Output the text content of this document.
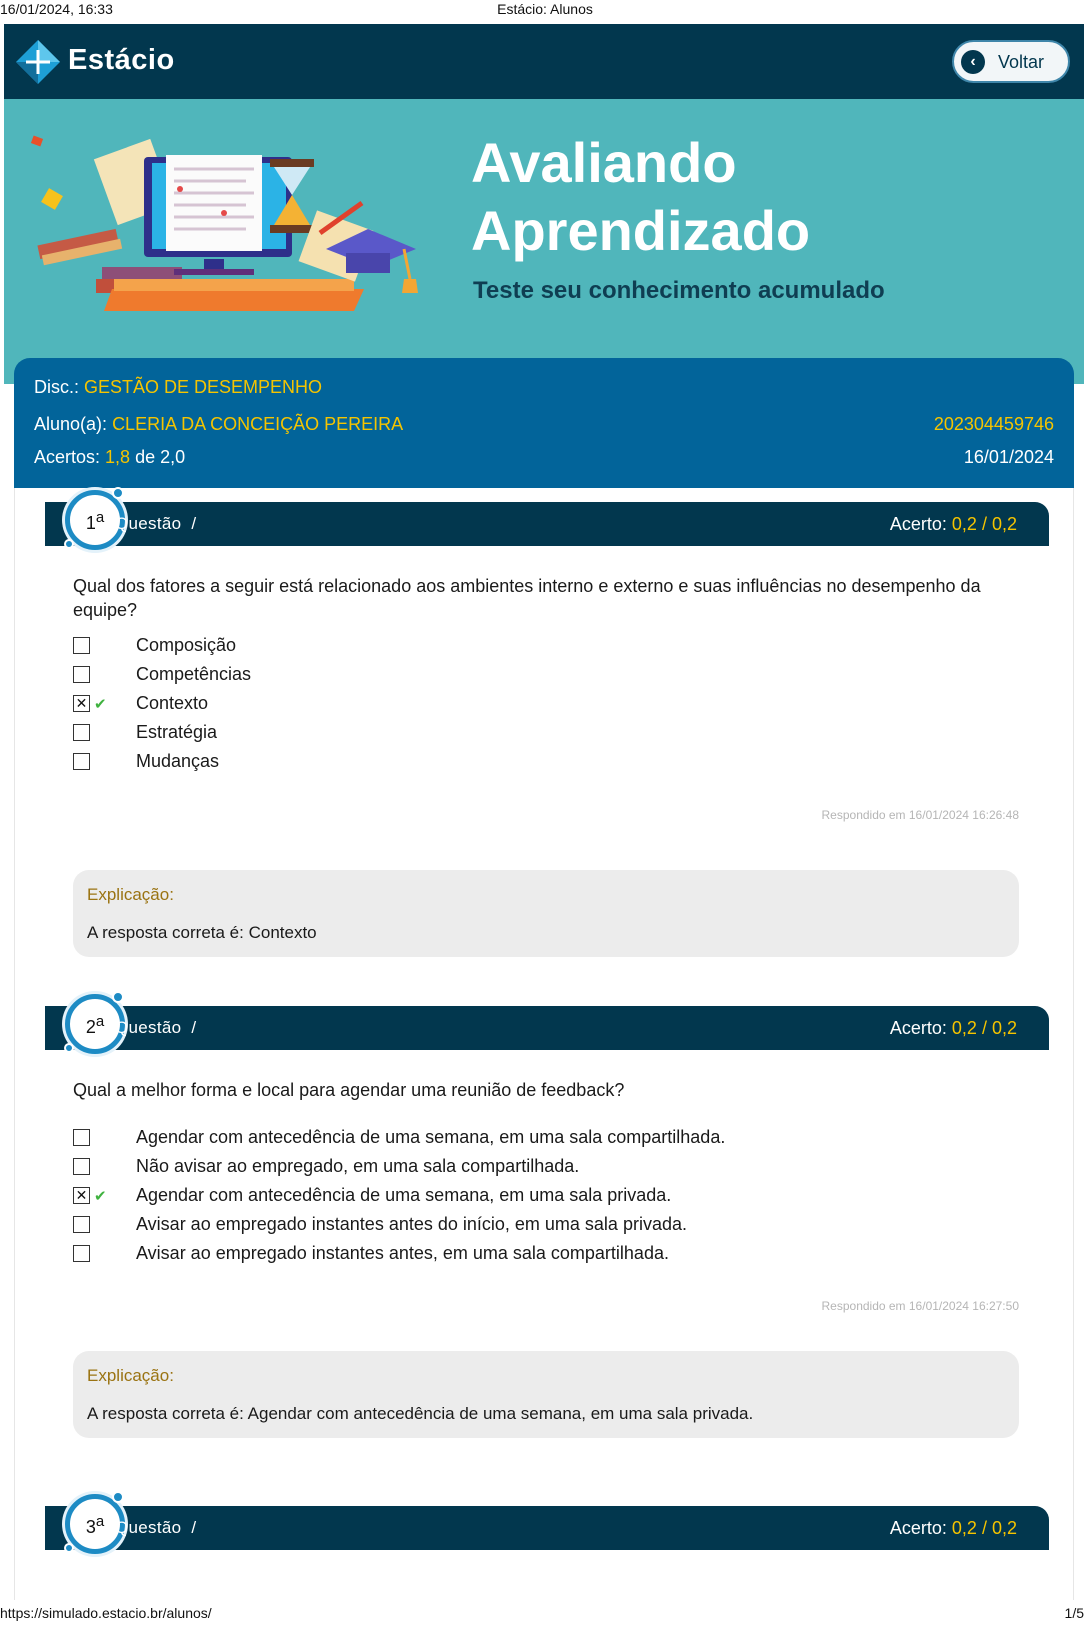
16/01/2024, 16:33	Estácio: Alunos
Estácio	‹	Voltar
Avaliando
Aprendizado
Teste seu conhecimento acumulado
Disc.: GESTÃO DE DESEMPENHO
Aluno(a): CLERIA DA CONCEIÇÃO PEREIRA	202304459746
Acertos: 1,8 de 2,0	16/01/2024
1$^a$ Questão /	Acerto: 0,2 / 0,2
Qual dos fatores a seguir está relacionado aos ambientes interno e externo e suas influências no desempenho da equipe?
Composição
Competências
✕ ✔ Contexto
Estratégia
Mudanças
Respondido em 16/01/2024 16:26:48
Explicação:
A resposta correta é: Contexto
2$^a$ Questão /	Acerto: 0,2 / 0,2
Qual a melhor forma e local para agendar uma reunião de feedback?
Agendar com antecedência de uma semana, em uma sala compartilhada.
Não avisar ao empregado, em uma sala compartilhada.
✕ ✔ Agendar com antecedência de uma semana, em uma sala privada.
Avisar ao empregado instantes antes do início, em uma sala privada.
Avisar ao empregado instantes antes, em uma sala compartilhada.
Respondido em 16/01/2024 16:27:50
Explicação:
A resposta correta é: Agendar com antecedência de uma semana, em uma sala privada.
3$^a$ Questão /	Acerto: 0,2 / 0,2
https://simulado.estacio.br/alunos/	1/5
